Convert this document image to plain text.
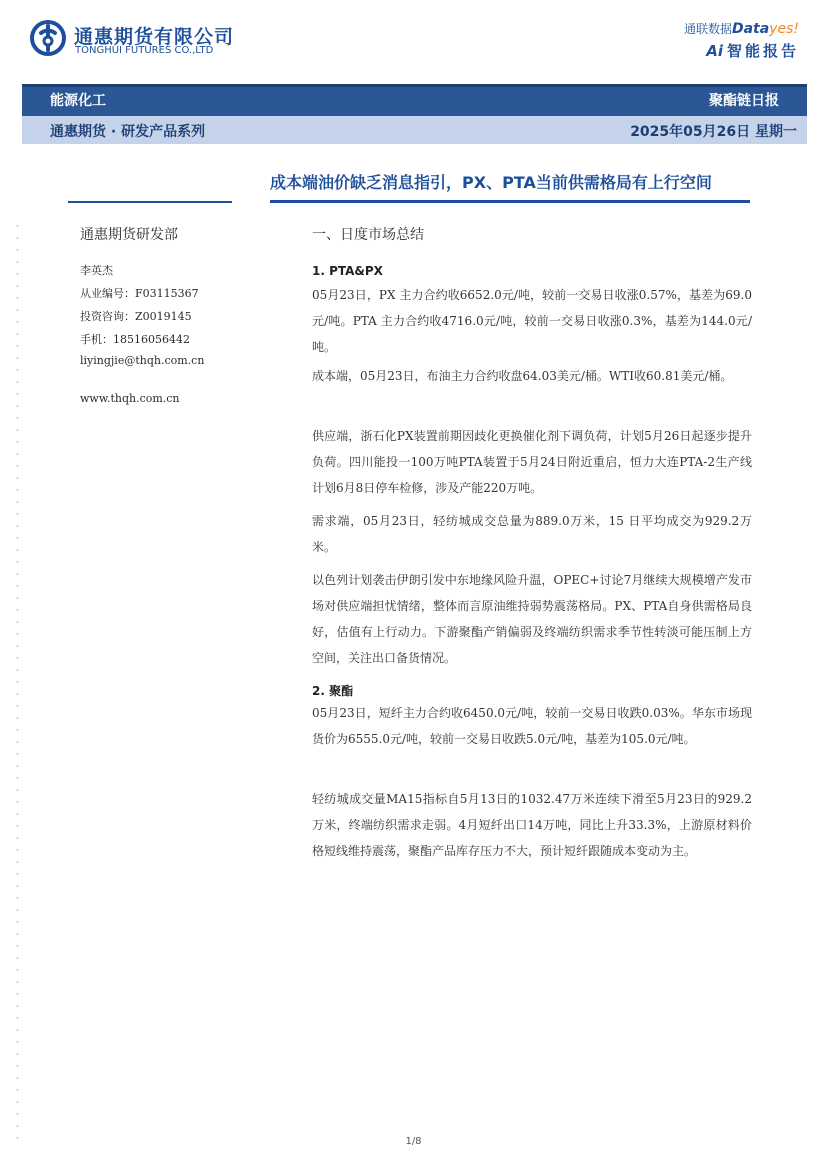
通惠期货有限公司
TONGHUI FUTURES CO.,LTD
通联数据Datayes!
Ai 智能报告
能源化工	聚酯链日报
通惠期货 · 研发产品系列	2025年05月26日 星期一
成本端油价缺乏消息指引，PX、PTA当前供需格局有上行空间
通惠期货研发部
李英杰
从业编号：F03115367
投资咨询：Z0019145
手机：18516056442
liyingjie@thqh.com.cn
www.thqh.com.cn
一、日度市场总结
1. PTA&PX

05月23日，PX 主力合约收6652.0元/吨，较前一交易日收涨0.57%，基差为69.0元/吨。PTA 主力合约收4716.0元/吨，较前一交易日收涨0.3%，基差为144.0元/吨。

成本端，05月23日，布油主力合约收盘64.03美元/桶。WTI收60.81美元/桶。

供应端，浙石化PX装置前期因歧化更换催化剂下调负荷，计划5月26日起逐步提升负荷。四川能投一100万吨PTA装置于5月24日附近重启，恒力大连PTA-2生产线计划6月8日停车检修，涉及产能220万吨。

需求端，05月23日，轻纺城成交总量为889.0万米，15 日平均成交为929.2万米。

以色列计划袭击伊朗引发中东地缘风险升温，OPEC+讨论7月继续大规模增产发市场对供应端担忧情绪，整体而言原油维持弱势震荡格局。PX、PTA自身供需格局良好，估值有上行动力。下游聚酯产销偏弱及终端纺织需求季节性转淡可能压制上方空间，关注出口备货情况。

2. 聚酯

05月23日，短纤主力合约收6450.0元/吨，较前一交易日收跌0.03%。华东市场现货价为6555.0元/吨，较前一交易日收跌5.0元/吨，基差为105.0元/吨。

轻纺城成交量MA15指标自5月13日的1032.47万米连续下滑至5月23日的929.2万米，终端纺织需求走弱。4月短纤出口14万吨，同比上升33.3%，上游原材料价格短线维持震荡，聚酯产品库存压力不大，预计短纤跟随成本变动为主。

1/8
